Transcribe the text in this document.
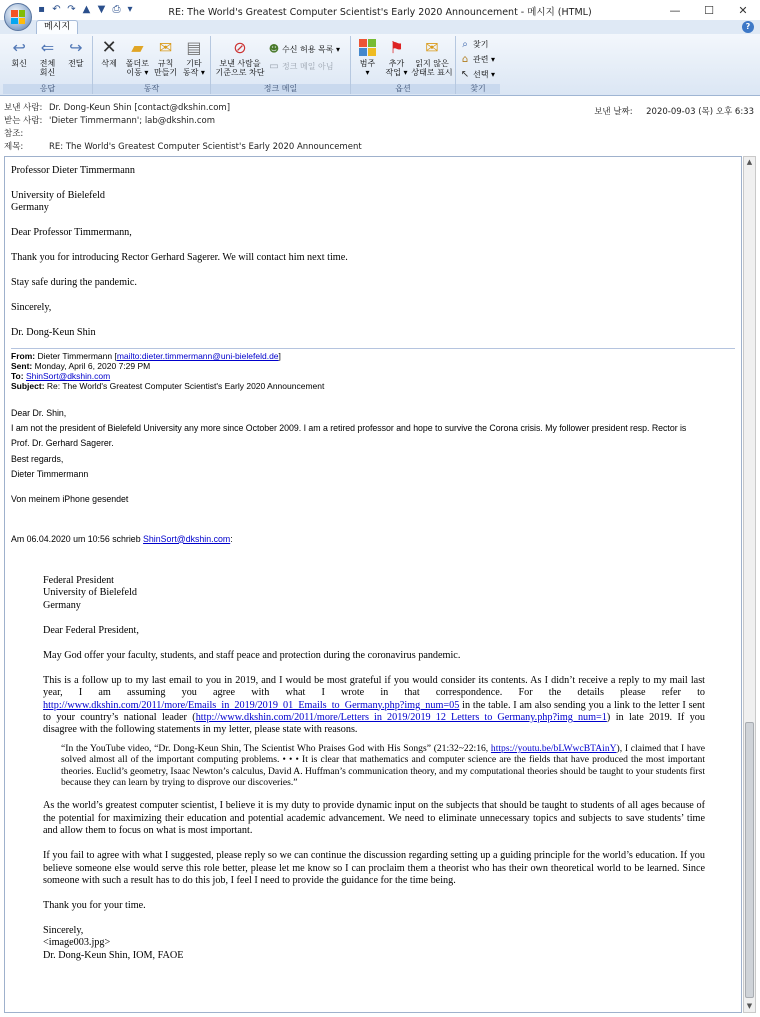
RE: The World's Greatest Computer Scientist's Early 2020 Announcement - 메시지 (HTML)
▪ ↶ ↷ ▲ ▼ ⎙ ▾	—	☐	✕
메시지	?
↩
회신
⇐
전체
회신
↪
전달
응답
✕
삭제
▰
폴더로
이동 ▾
✉
규칙
만들기
▤
기타
동작 ▾
동작
⊘
보낸 사람을
기준으로 차단
☻ 수신 허용 목록 ▾
▭ 정크 메일 아님
정크 메일
범주
▾
⚑
추가
작업 ▾
✉
읽지 않은
상태로 표시
옵션
⌕ 찾기
⌂ 관련 ▾
↖ 선택 ▾
찾기
보낸 사람: Dr. Dong-Keun Shin [contact@dkshin.com]
받는 사람: 'Dieter Timmermann'; lab@dkshin.com
참조:
제목:	RE: The World's Greatest Computer Scientist's Early 2020 Announcement
보낸 날짜: 2020-09-03 (목) 오후 6:33

Professor Dieter Timmermann

University of Bielefeld

Germany

Dear Professor Timmermann,

Thank you for introducing Rector Gerhard Sagerer. We will contact him next time.

Stay safe during the pandemic.

Sincerely,

Dr. Dong-Keun Shin

From: Dieter Timmermann [mailto:dieter.timmermann@uni-bielefeld.de]
Sent: Monday, April 6, 2020 7:29 PM
To: ShinSort@dkshin.com
Subject: Re: The World's Greatest Computer Scientist's Early 2020 Announcement

Dear Dr. Shin,

I am not the president of Bielefeld University any more since October 2009. I am a retired professor and hope to survive the Corona crisis. My follower president resp. Rector is

Prof. Dr. Gerhard Sagerer.

Best regards,

Dieter Timmermann

Von meinem iPhone gesendet

Am 06.04.2020 um 10:56 schrieb ShinSort@dkshin.com:

Federal President

University of Bielefeld

Germany

Dear Federal President,

May God offer your faculty, students, and staff peace and protection during the coronavirus pandemic.

This is a follow up to my last email to you in 2019, and I would be most grateful if you would consider its contents. As I didn’t receive a reply to my mail last year, I am assuming you agree with what I wrote in that correspondence. For the details please refer to http://www.dkshin.com/2011/more/Emails_in_2019/2019_01_Emails_to_Germany.php?img_num=05 in the table. I am also sending you a link to the letter I sent to your country’s national leader (http://www.dkshin.com/2011/more/Letters_in_2019/2019_12_Letters_to_Germany.php?img_num=1) in late 2019. If you disagree with the following statements in my letter, please state with reasons.

“In the YouTube video, “Dr. Dong-Keun Shin, The Scientist Who Praises God with His Songs” (21:32~22:16, https://youtu.be/bLWwcBTAinY), I claimed that I have solved almost all of the important computing problems. • • • It is clear that mathematics and computer science are the fields that have produced the most important theories. Euclid’s geometry, Isaac Newton’s calculus, David A. Huffman’s communication theory, and my computational theories should be taught to your students first because they can learn by trying to disprove our discoveries.”

As the world’s greatest computer scientist, I believe it is my duty to provide dynamic input on the subjects that should be taught to students of all ages because of the potential for maximizing their education and potential academic advancement. We need to eliminate unnecessary topics and subjects to save students’ time and allow them to focus on what is most important.

If you fail to agree with what I suggested, please reply so we can continue the discussion regarding setting up a guiding principle for the world’s education. If you believe someone else would serve this role better, please let me know so I can proclaim them a theorist who has their own theoretical world to be learned. Since someone with such a result has to do this job, I feel I need to provide the guidance for the time being.

Thank you for your time.

Sincerely,

<image003.jpg>

Dr. Dong-Keun Shin, IOM, FAOE

▲
▼
